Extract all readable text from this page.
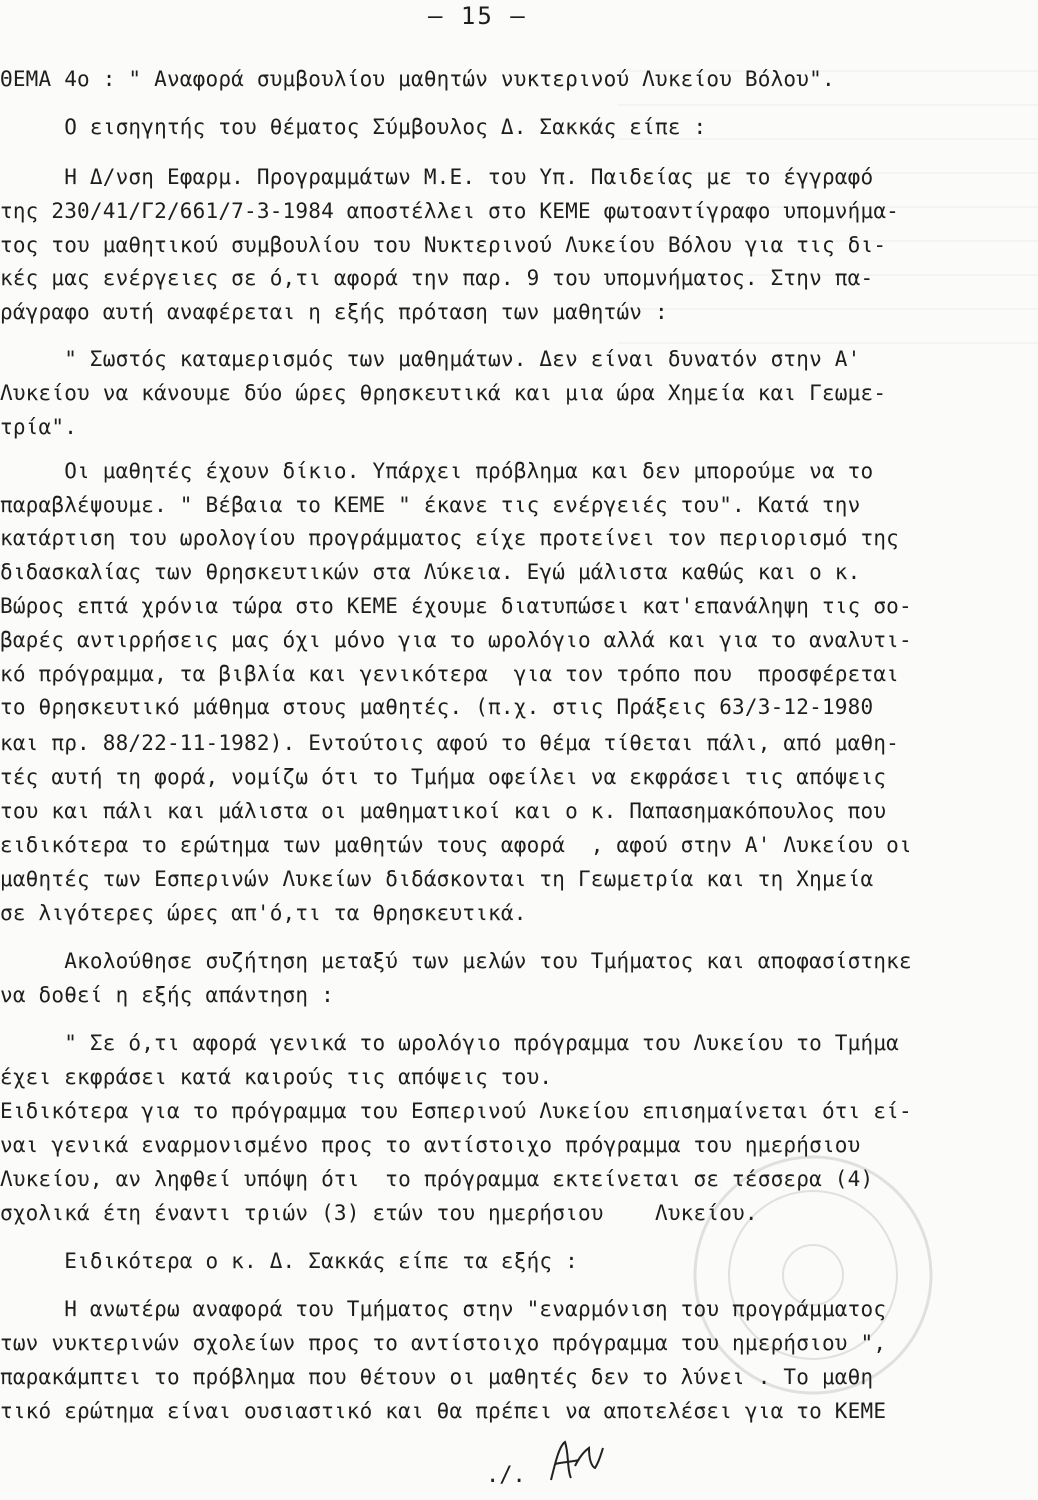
— 15 —
ΘΕΜΑ 4ο : " Αναφορά συμβουλίου μαθητών νυκτερινού Λυκείου Βόλου".
Ο εισηγητής του θέματος Σύμβουλος Δ. Σακκάς είπε :
Η Δ/νση Εφαρμ. Προγραμμάτων Μ.Ε. του Υπ. Παιδείας με το έγγραφό
της 230/41/Γ2/661/7-3-1984 αποστέλλει στο ΚΕΜΕ φωτοαντίγραφο υπομνήμα-
τος του μαθητικού συμβουλίου του Νυκτερινού Λυκείου Βόλου για τις δι-
κές μας ενέργειες σε ό,τι αφορά την παρ. 9 του υπομνήματος. Στην πα-
ράγραφο αυτή αναφέρεται η εξής πρόταση των μαθητών :
" Σωστός καταμερισμός των μαθημάτων. Δεν είναι δυνατόν στην Α'
Λυκείου να κάνουμε δύο ώρες θρησκευτικά και μια ώρα Χημεία και Γεωμε-
τρία".
Οι μαθητές έχουν δίκιο. Υπάρχει πρόβλημα και δεν μπορούμε να το
παραβλέψουμε. " Βέβαια το ΚΕΜΕ " έκανε τις ενέργειές του". Κατά την
κατάρτιση του ωρολογίου προγράμματος είχε προτείνει τον περιορισμό της
διδασκαλίας των θρησκευτικών στα Λύκεια. Εγώ μάλιστα καθώς και ο κ.
Βώρος επτά χρόνια τώρα στο ΚΕΜΕ έχουμε διατυπώσει κατ'επανάληψη τις σο-
βαρές αντιρρήσεις μας όχι μόνο για το ωρολόγιο αλλά και για το αναλυτι-
κό πρόγραμμα, τα βιβλία και γενικότερα  για τον τρόπο που  προσφέρεται
το θρησκευτικό μάθημα στους μαθητές. (π.χ. στις Πράξεις 63/3-12-1980
και πρ. 88/22-11-1982). Εντούτοις αφού το θέμα τίθεται πάλι, από μαθη-
τές αυτή τη φορά, νομίζω ότι το Τμήμα οφείλει να εκφράσει τις απόψεις
του και πάλι και μάλιστα οι μαθηματικοί και ο κ. Παπασημακόπουλος που
ειδικότερα το ερώτημα των μαθητών τους αφορά  , αφού στην Α' Λυκείου οι
μαθητές των Εσπερινών Λυκείων διδάσκονται τη Γεωμετρία και τη Χημεία
σε λιγότερες ώρες απ'ό,τι τα θρησκευτικά.
Ακολούθησε συζήτηση μεταξύ των μελών του Τμήματος και αποφασίστηκε
να δοθεί η εξής απάντηση :
" Σε ό,τι αφορά γενικά το ωρολόγιο πρόγραμμα του Λυκείου το Τμήμα
έχει εκφράσει κατά καιρούς τις απόψεις του.
Ειδικότερα για το πρόγραμμα του Εσπερινού Λυκείου επισημαίνεται ότι εί-
ναι γενικά εναρμονισμένο προς το αντίστοιχο πρόγραμμα του ημερήσιου
Λυκείου, αν ληφθεί υπόψη ότι  το πρόγραμμα εκτείνεται σε τέσσερα (4)
σχολικά έτη έναντι τριών (3) ετών του ημερήσιου    Λυκείου.
Ειδικότερα ο κ. Δ. Σακκάς είπε τα εξής :
Η ανωτέρω αναφορά του Τμήματος στην "εναρμόνιση του προγράμματος
των νυκτερινών σχολείων προς το αντίστοιχο πρόγραμμα του ημερήσιου ",
παρακάμπτει το πρόβλημα που θέτουν οι μαθητές δεν το λύνει . Το μαθη
τικό ερώτημα είναι ουσιαστικό και θα πρέπει να αποτελέσει για το ΚΕΜΕ
./.
